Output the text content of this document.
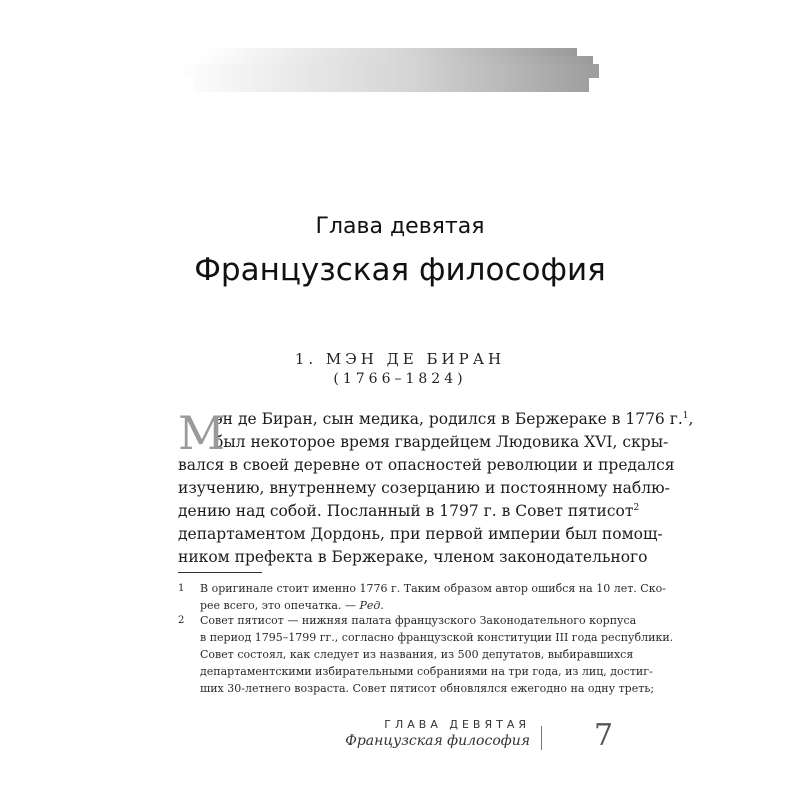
Глава девятая
Французская философия
1. МЭН ДЕ БИРАН
(1766–1824)
М
эн де Биран, сын медика, родился в Бержераке в 1776 г.$^1$,
был некоторое время гвардейцем Людовика XVI, скры-
вался в своей деревне от опасностей революции и предался
изучению, внутреннему созерцанию и постоянному наблю-
дению над собой. Посланный в 1797 г. в Совет пятисот$^2$
департаментом Дордонь, при первой империи был помощ-
ником префекта в Бержераке, членом законодательного
1 В оригинале стоит именно 1776 г. Таким образом автор ошибся на 10 лет. Ско-
рее всего, это опечатка. — Ред.
2 Совет пятисот — нижняя палата французского Законодательного корпуса
в период 1795–1799 гг., согласно французской конституции III года республики.
Совет состоял, как следует из названия, из 500 депутатов, выбиравшихся
департаментскими избирательными собраниями на три года, из лиц, достиг-
ших 30-летнего возраста. Совет пятисот обновлялся ежегодно на одну треть;
ГЛАВА ДЕВЯТАЯ
Французская философия 7
